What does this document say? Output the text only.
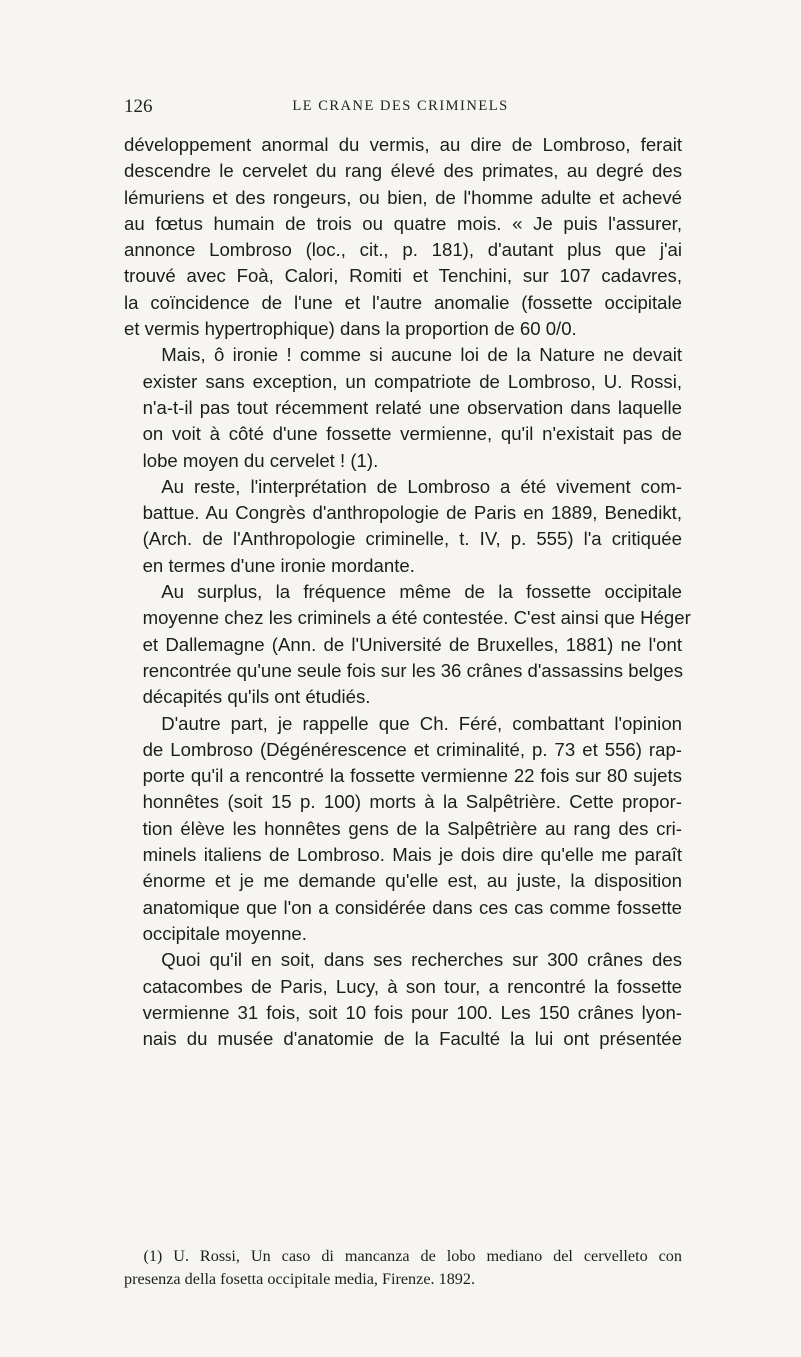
126	LE CRANE DES CRIMINELS

développement anormal du vermis, au dire de Lombroso, ferait
descendre le cervelet du rang élevé des primates, au degré des
lémuriens et des rongeurs, ou bien, de l'homme adulte et achevé
au fœtus humain de trois ou quatre mois. « Je puis l'assurer,
annonce Lombroso (loc., cit., p. 181), d'autant plus que j'ai
trouvé avec Foà, Calori, Romiti et Tenchini, sur 107 cadavres,
la coïncidence de l'une et l'autre anomalie (fossette occipitale
et vermis hypertrophique) dans la proportion de 60 0/0.

Mais, ô ironie ! comme si aucune loi de la Nature ne devait
exister sans exception, un compatriote de Lombroso, U. Rossi,
n'a-t-il pas tout récemment relaté une observation dans laquelle
on voit à côté d'une fossette vermienne, qu'il n'existait pas de
lobe moyen du cervelet ! (1).

Au reste, l'interprétation de Lombroso a été vivement com-
battue. Au Congrès d'anthropologie de Paris en 1889, Benedikt,
(Arch. de l'Anthropologie criminelle, t. IV, p. 555) l'a critiquée
en termes d'une ironie mordante.

Au surplus, la fréquence même de la fossette occipitale
moyenne chez les criminels a été contestée. C'est ainsi que Héger
et Dallemagne (Ann. de l'Université de Bruxelles, 1881) ne l'ont
rencontrée qu'une seule fois sur les 36 crânes d'assassins belges
décapités qu'ils ont étudiés.

D'autre part, je rappelle que Ch. Féré, combattant l'opinion
de Lombroso (Dégénérescence et criminalité, p. 73 et 556) rap-
porte qu'il a rencontré la fossette vermienne 22 fois sur 80 sujets
honnêtes (soit 15 p. 100) morts à la Salpêtrière. Cette propor-
tion élève les honnêtes gens de la Salpêtrière au rang des cri-
minels italiens de Lombroso. Mais je dois dire qu'elle me paraît
énorme et je me demande qu'elle est, au juste, la disposition
anatomique que l'on a considérée dans ces cas comme fossette
occipitale moyenne.

Quoi qu'il en soit, dans ses recherches sur 300 crânes des
catacombes de Paris, Lucy, à son tour, a rencontré la fossette
vermienne 31 fois, soit 10 fois pour 100. Les 150 crânes lyon-
nais du musée d'anatomie de la Faculté la lui ont présentée

(1) U. Rossi, Un caso di mancanza de lobo mediano del cervelleto con
presenza della fosetta occipitale media, Firenze. 1892.
